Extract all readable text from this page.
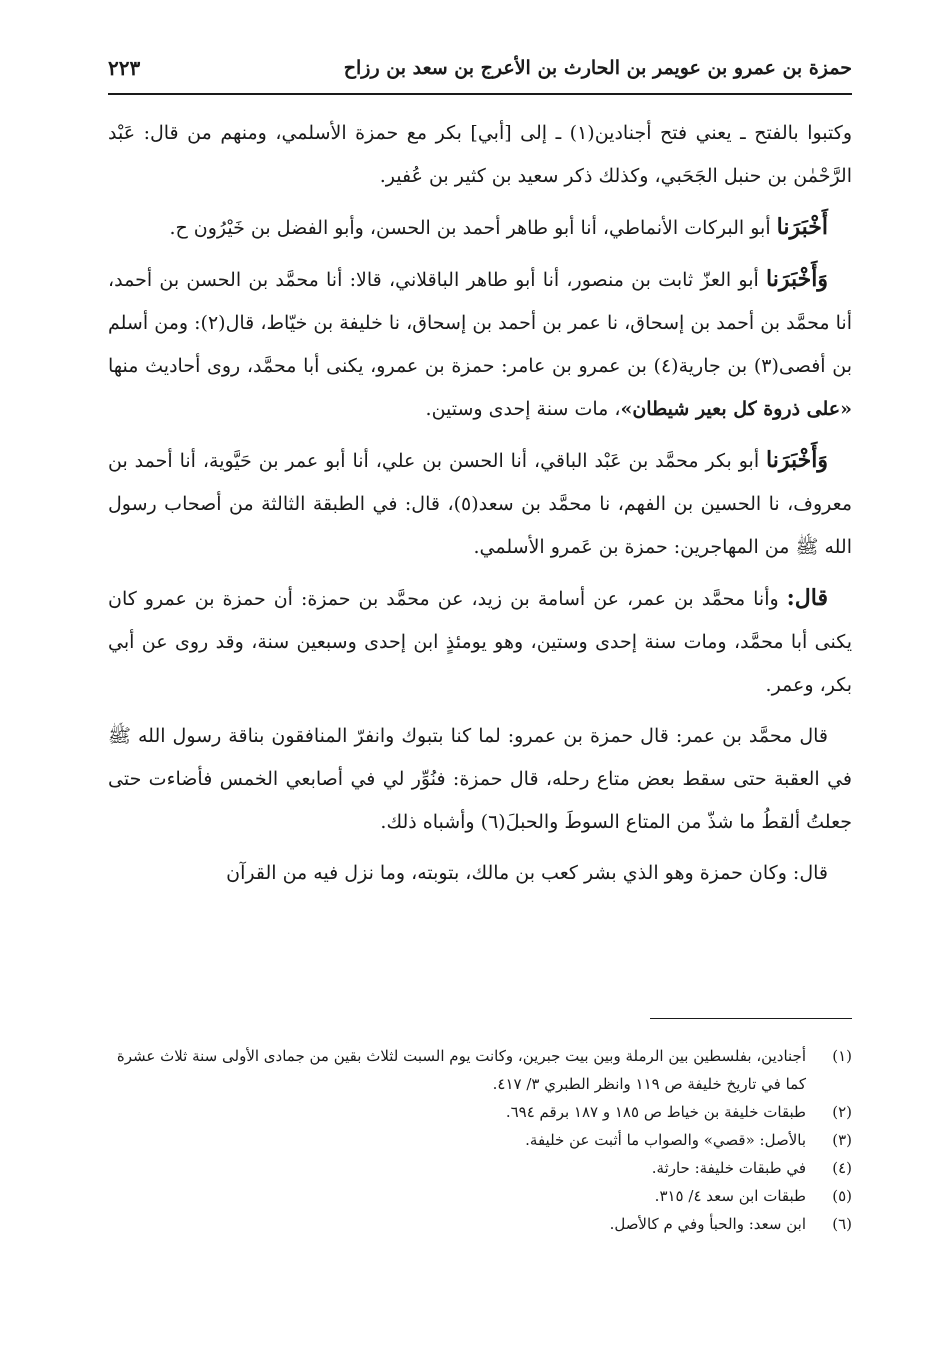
حمزة بن عمرو بن عويمر بن الحارث بن الأعرج بن سعد بن رزاح
٢٢٣

وكتبوا بالفتح ـ يعني فتح أجنادين(١) ـ إلى [أبي] بكر مع حمزة الأسلمي، ومنهم من قال: عَبْد الرَّحْمٰن بن حنبل الجَحَبي، وكذلك ذكر سعيد بن كثير بن عُفير.

أَخْبَرَنا أبو البركات الأنماطي، أنا أبو طاهر أحمد بن الحسن، وأبو الفضل بن خَيْرُون ح.

وَأَخْبَرَنا أبو العزّ ثابت بن منصور، أنا أبو طاهر الباقلاني، قالا: أنا محمَّد بن الحسن بن أحمد، أنا محمَّد بن أحمد بن إسحاق، نا عمر بن أحمد بن إسحاق، نا خليفة بن خيّاط، قال(٢): ومن أسلم بن أفصى(٣) بن جارية(٤) بن عمرو بن عامر: حمزة بن عمرو، يكنى أبا محمَّد، روى أحاديث منها «على ذروة كل بعير شيطان»، مات سنة إحدى وستين.

وَأَخْبَرَنا أبو بكر محمَّد بن عَبْد الباقي، أنا الحسن بن علي، أنا أبو عمر بن حَيَّوية، أنا أحمد بن معروف، نا الحسين بن الفهم، نا محمَّد بن سعد(٥)، قال: في الطبقة الثالثة من أصحاب رسول الله ﷺ من المهاجرين: حمزة بن عَمرو الأسلمي.

قال: وأنا محمَّد بن عمر، عن أسامة بن زيد، عن محمَّد بن حمزة: أن حمزة بن عمرو كان يكنى أبا محمَّد، ومات سنة إحدى وستين، وهو يومئذٍ ابن إحدى وسبعين سنة، وقد روى عن أبي بكر، وعمر.

قال محمَّد بن عمر: قال حمزة بن عمرو: لما كنا بتبوك وانفرّ المنافقون بناقة رسول الله ﷺ في العقبة حتى سقط بعض متاع رحله، قال حمزة: فنُوِّر لي في أصابعي الخمس فأضاءت حتى جعلتُ ألقطُ ما شذّ من المتاع السوطَ والحبلَ(٦) وأشباه ذلك.

قال: وكان حمزة وهو الذي بشر كعب بن مالك، بتوبته، وما نزل فيه من القرآن

(١)
أجنادين، بفلسطين بين الرملة وبين بيت جبرين، وكانت يوم السبت لثلاث بقين من جمادى الأولى سنة ثلاث عشرة كما في تاريخ خليفة ص ١١٩ وانظر الطبري ٣/ ٤١٧.
(٢)
طبقات خليفة بن خياط ص ١٨٥ و ١٨٧ برقم ٦٩٤.
(٣)
بالأصل: «قصي» والصواب ما أثبت عن خليفة.
(٤)
في طبقات خليفة: حارثة.
(٥)
طبقات ابن سعد ٤/ ٣١٥.
(٦)
ابن سعد: والحبأ وفي م كالأصل.
